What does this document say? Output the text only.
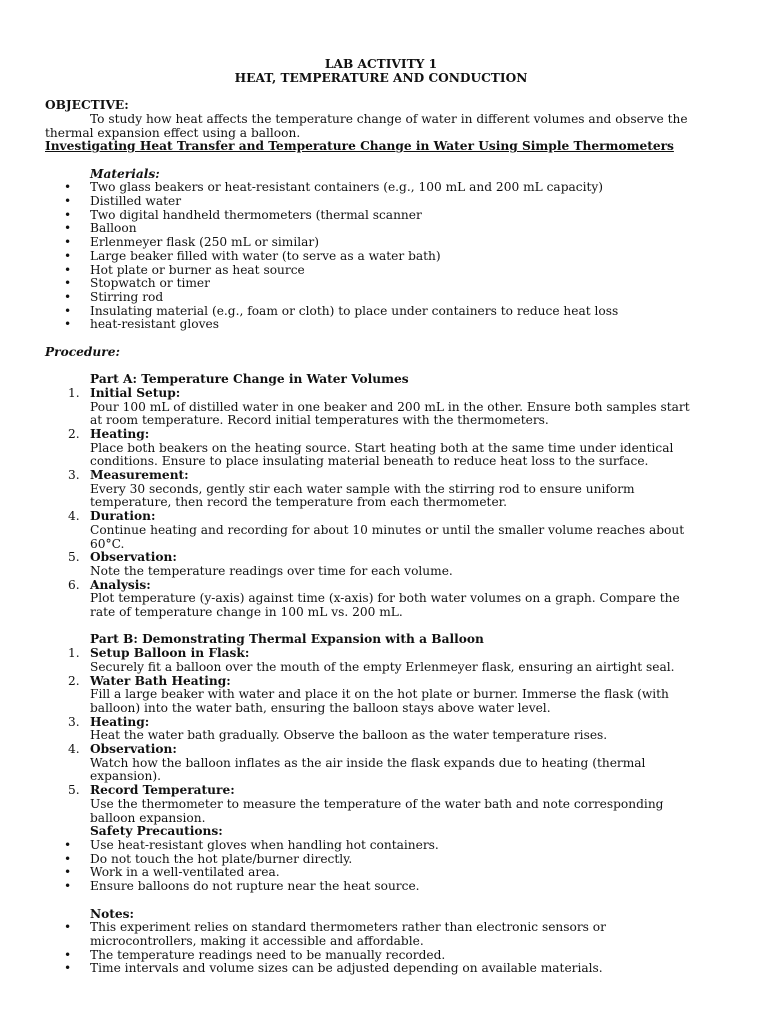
LAB ACTIVITY 1
HEAT, TEMPERATURE AND CONDUCTION
OBJECTIVE:
To study how heat affects the temperature change of water in different volumes and observe the
thermal expansion effect using a balloon.
Investigating Heat Transfer and Temperature Change in Water Using Simple Thermometers
Materials:
• Two glass beakers or heat-resistant containers (e.g., 100 mL and 200 mL capacity)
• Distilled water
• Two digital handheld thermometers (thermal scanner
• Balloon
• Erlenmeyer flask (250 mL or similar)
• Large beaker filled with water (to serve as a water bath)
• Hot plate or burner as heat source
• Stopwatch or timer
• Stirring rod
• Insulating material (e.g., foam or cloth) to place under containers to reduce heat loss
• heat-resistant gloves
Procedure:
Part A: Temperature Change in Water Volumes
1. Initial Setup:
Pour 100 mL of distilled water in one beaker and 200 mL in the other. Ensure both samples start
at room temperature. Record initial temperatures with the thermometers.
2. Heating:
Place both beakers on the heating source. Start heating both at the same time under identical
conditions. Ensure to place insulating material beneath to reduce heat loss to the surface.
3. Measurement:
Every 30 seconds, gently stir each water sample with the stirring rod to ensure uniform
temperature, then record the temperature from each thermometer.
4. Duration:
Continue heating and recording for about 10 minutes or until the smaller volume reaches about
60°C.
5. Observation:
Note the temperature readings over time for each volume.
6. Analysis:
Plot temperature (y-axis) against time (x-axis) for both water volumes on a graph. Compare the
rate of temperature change in 100 mL vs. 200 mL.
Part B: Demonstrating Thermal Expansion with a Balloon
1. Setup Balloon in Flask:
Securely fit a balloon over the mouth of the empty Erlenmeyer flask, ensuring an airtight seal.
2. Water Bath Heating:
Fill a large beaker with water and place it on the hot plate or burner. Immerse the flask (with
balloon) into the water bath, ensuring the balloon stays above water level.
3. Heating:
Heat the water bath gradually. Observe the balloon as the water temperature rises.
4. Observation:
Watch how the balloon inflates as the air inside the flask expands due to heating (thermal
expansion).
5. Record Temperature:
Use the thermometer to measure the temperature of the water bath and note corresponding
balloon expansion.
Safety Precautions:
• Use heat-resistant gloves when handling hot containers.
• Do not touch the hot plate/burner directly.
• Work in a well-ventilated area.
• Ensure balloons do not rupture near the heat source.
Notes:
• This experiment relies on standard thermometers rather than electronic sensors or
microcontrollers, making it accessible and affordable.
• The temperature readings need to be manually recorded.
• Time intervals and volume sizes can be adjusted depending on available materials.
